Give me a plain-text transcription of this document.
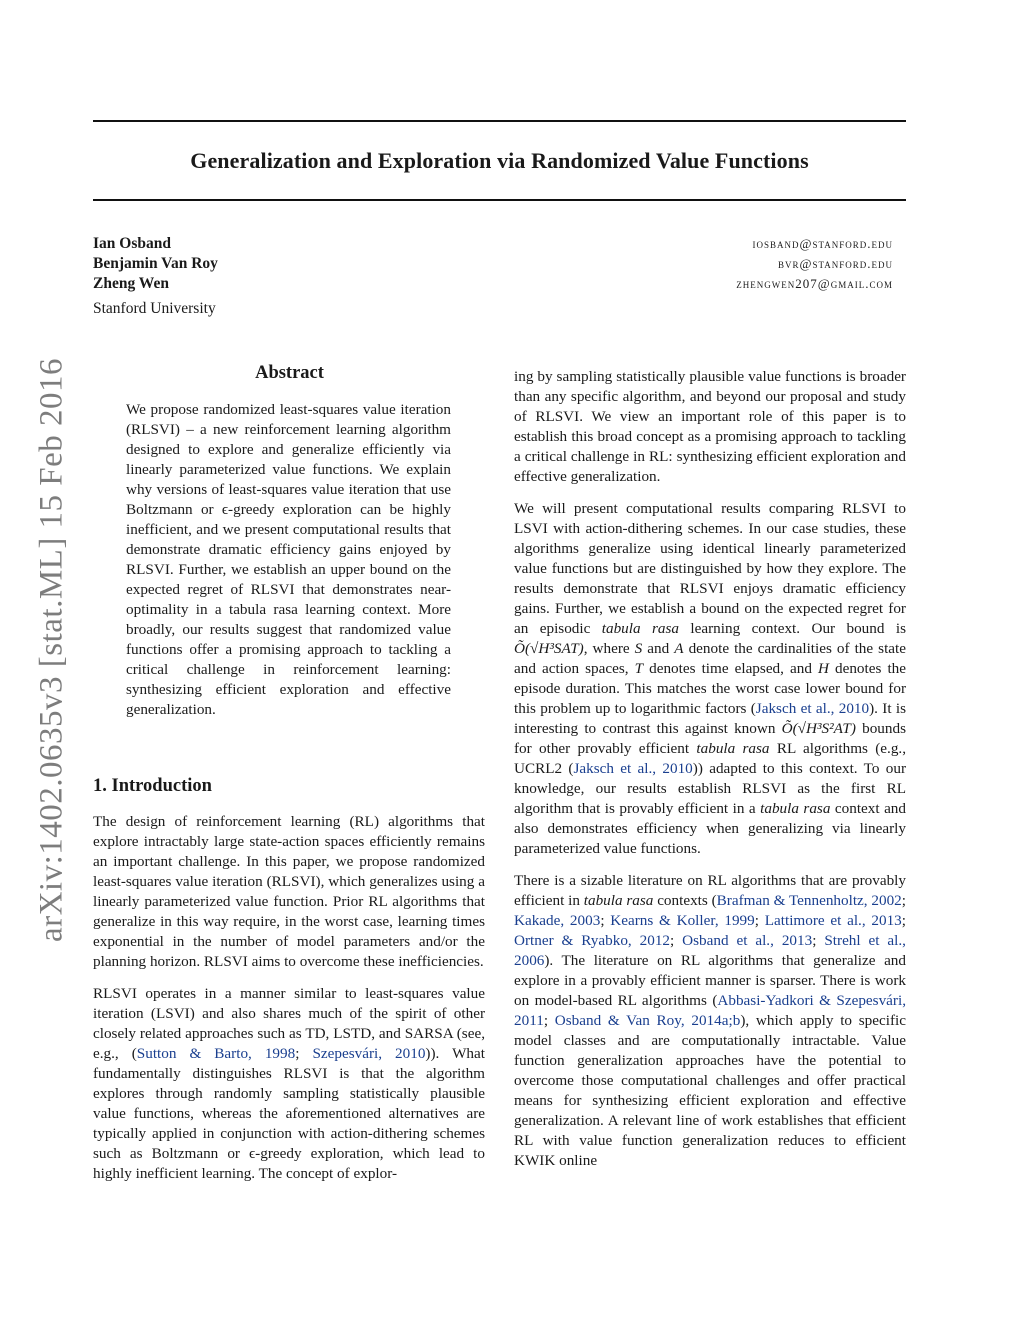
Generalization and Exploration via Randomized Value Functions
Ian Osband	iosband@stanford.edu
Benjamin Van Roy	bvr@stanford.edu
Zheng Wen	zhengwen207@gmail.com
Stanford University
arXiv:1402.0635v3 [stat.ML] 15 Feb 2016	Abstract
We propose randomized least-squares value iteration (RLSVI) – a new reinforcement learning algorithm designed to explore and generalize efficiently via linearly parameterized value functions. We explain why versions of least-squares value iteration that use Boltzmann or ϵ-greedy exploration can be highly inefficient, and we present computational results that demonstrate dramatic efficiency gains enjoyed by RLSVI. Further, we establish an upper bound on the expected regret of RLSVI that demonstrates near-optimality in a tabula rasa learning context. More broadly, our results suggest that randomized value functions offer a promising approach to tackling a critical challenge in reinforcement learning: synthesizing efficient exploration and effective generalization.
1. Introduction

The design of reinforcement learning (RL) algorithms that explore intractably large state-action spaces efficiently remains an important challenge. In this paper, we propose randomized least-squares value iteration (RLSVI), which generalizes using a linearly parameterized value function. Prior RL algorithms that generalize in this way require, in the worst case, learning times exponential in the number of model parameters and/or the planning horizon. RLSVI aims to overcome these inefficiencies.

RLSVI operates in a manner similar to least-squares value iteration (LSVI) and also shares much of the spirit of other closely related approaches such as TD, LSTD, and SARSA (see, e.g., (Sutton & Barto, 1998; Szepesvári, 2010)). What fundamentally distinguishes RLSVI is that the algorithm explores through randomly sampling statistically plausible value functions, whereas the aforementioned alternatives are typically applied in conjunction with action-dithering schemes such as Boltzmann or ϵ-greedy exploration, which lead to highly inefficient learning. The concept of explor-

ing by sampling statistically plausible value functions is broader than any specific algorithm, and beyond our proposal and study of RLSVI. We view an important role of this paper is to establish this broad concept as a promising approach to tackling a critical challenge in RL: synthesizing efficient exploration and effective generalization.

We will present computational results comparing RLSVI to LSVI with action-dithering schemes. In our case studies, these algorithms generalize using identical linearly parameterized value functions but are distinguished by how they explore. The results demonstrate that RLSVI enjoys dramatic efficiency gains. Further, we establish a bound on the expected regret for an episodic tabula rasa learning context. Our bound is Õ(√H³SAT), where S and A denote the cardinalities of the state and action spaces, T denotes time elapsed, and H denotes the episode duration. This matches the worst case lower bound for this problem up to logarithmic factors (Jaksch et al., 2010). It is interesting to contrast this against known Õ(√H³S²AT) bounds for other provably efficient tabula rasa RL algorithms (e.g., UCRL2 (Jaksch et al., 2010)) adapted to this context. To our knowledge, our results establish RLSVI as the first RL algorithm that is provably efficient in a tabula rasa context and also demonstrates efficiency when generalizing via linearly parameterized value functions.

There is a sizable literature on RL algorithms that are provably efficient in tabula rasa contexts (Brafman & Tennenholtz, 2002; Kakade, 2003; Kearns & Koller, 1999; Lattimore et al., 2013; Ortner & Ryabko, 2012; Osband et al., 2013; Strehl et al., 2006). The literature on RL algorithms that generalize and explore in a provably efficient manner is sparser. There is work on model-based RL algorithms (Abbasi-Yadkori & Szepesvári, 2011; Osband & Van Roy, 2014a;b), which apply to specific model classes and are computationally intractable. Value function generalization approaches have the potential to overcome those computational challenges and offer practical means for synthesizing efficient exploration and effective generalization. A relevant line of work establishes that efficient RL with value function generalization reduces to efficient KWIK online
